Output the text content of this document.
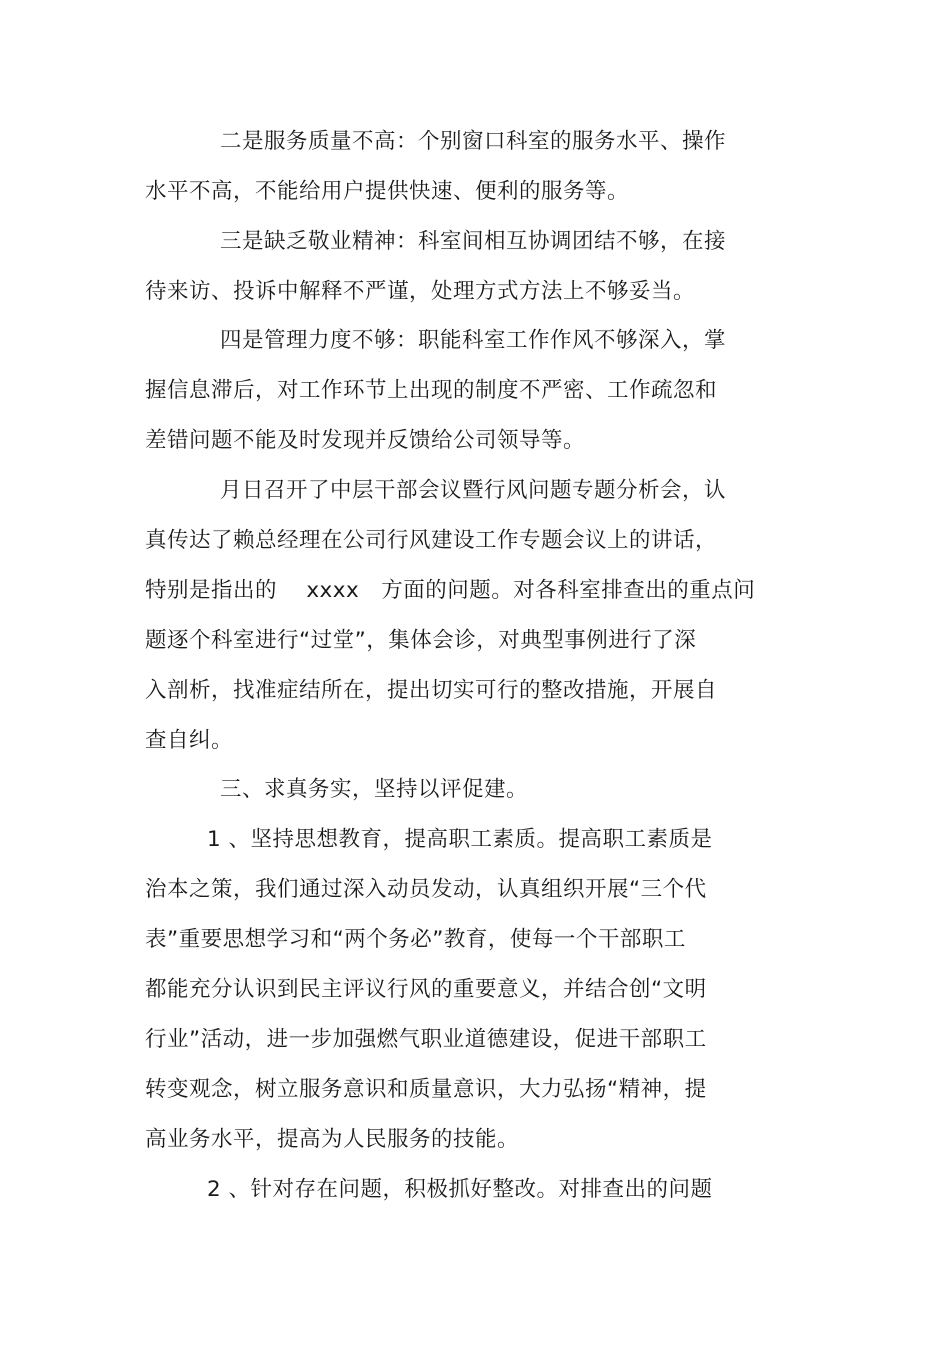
二是服务质量不高：个别窗口科室的服务水平、操作
水平不高，不能给用户提供快速、便利的服务等。
三是缺乏敬业精神：科室间相互协调团结不够，在接
待来访、投诉中解释不严谨，处理方式方法上不够妥当。
四是管理力度不够：职能科室工作作风不够深入，掌
握信息滞后，对工作环节上出现的制度不严密、工作疏忽和
差错问题不能及时发现并反馈给公司领导等。
月日召开了中层干部会议暨行风问题专题分析会，认
真传达了赖总经理在公司行风建设工作专题会议上的讲话，
特别是指出的　 xxxx　方面的问题。对各科室排查出的重点问
题逐个科室进行“过堂”，集体会诊，对典型事例进行了深
入剖析，找准症结所在，提出切实可行的整改措施，开展自
查自纠。
三、求真务实，坚持以评促建。
1 、坚持思想教育，提高职工素质。提高职工素质是
治本之策，我们通过深入动员发动，认真组织开展“三个代
表”重要思想学习和“两个务必”教育，使每一个干部职工
都能充分认识到民主评议行风的重要意义，并结合创“文明
行业”活动，进一步加强燃气职业道德建设，促进干部职工
转变观念，树立服务意识和质量意识，大力弘扬“精神，提
高业务水平，提高为人民服务的技能。
2 、针对存在问题，积极抓好整改。对排查出的问题
